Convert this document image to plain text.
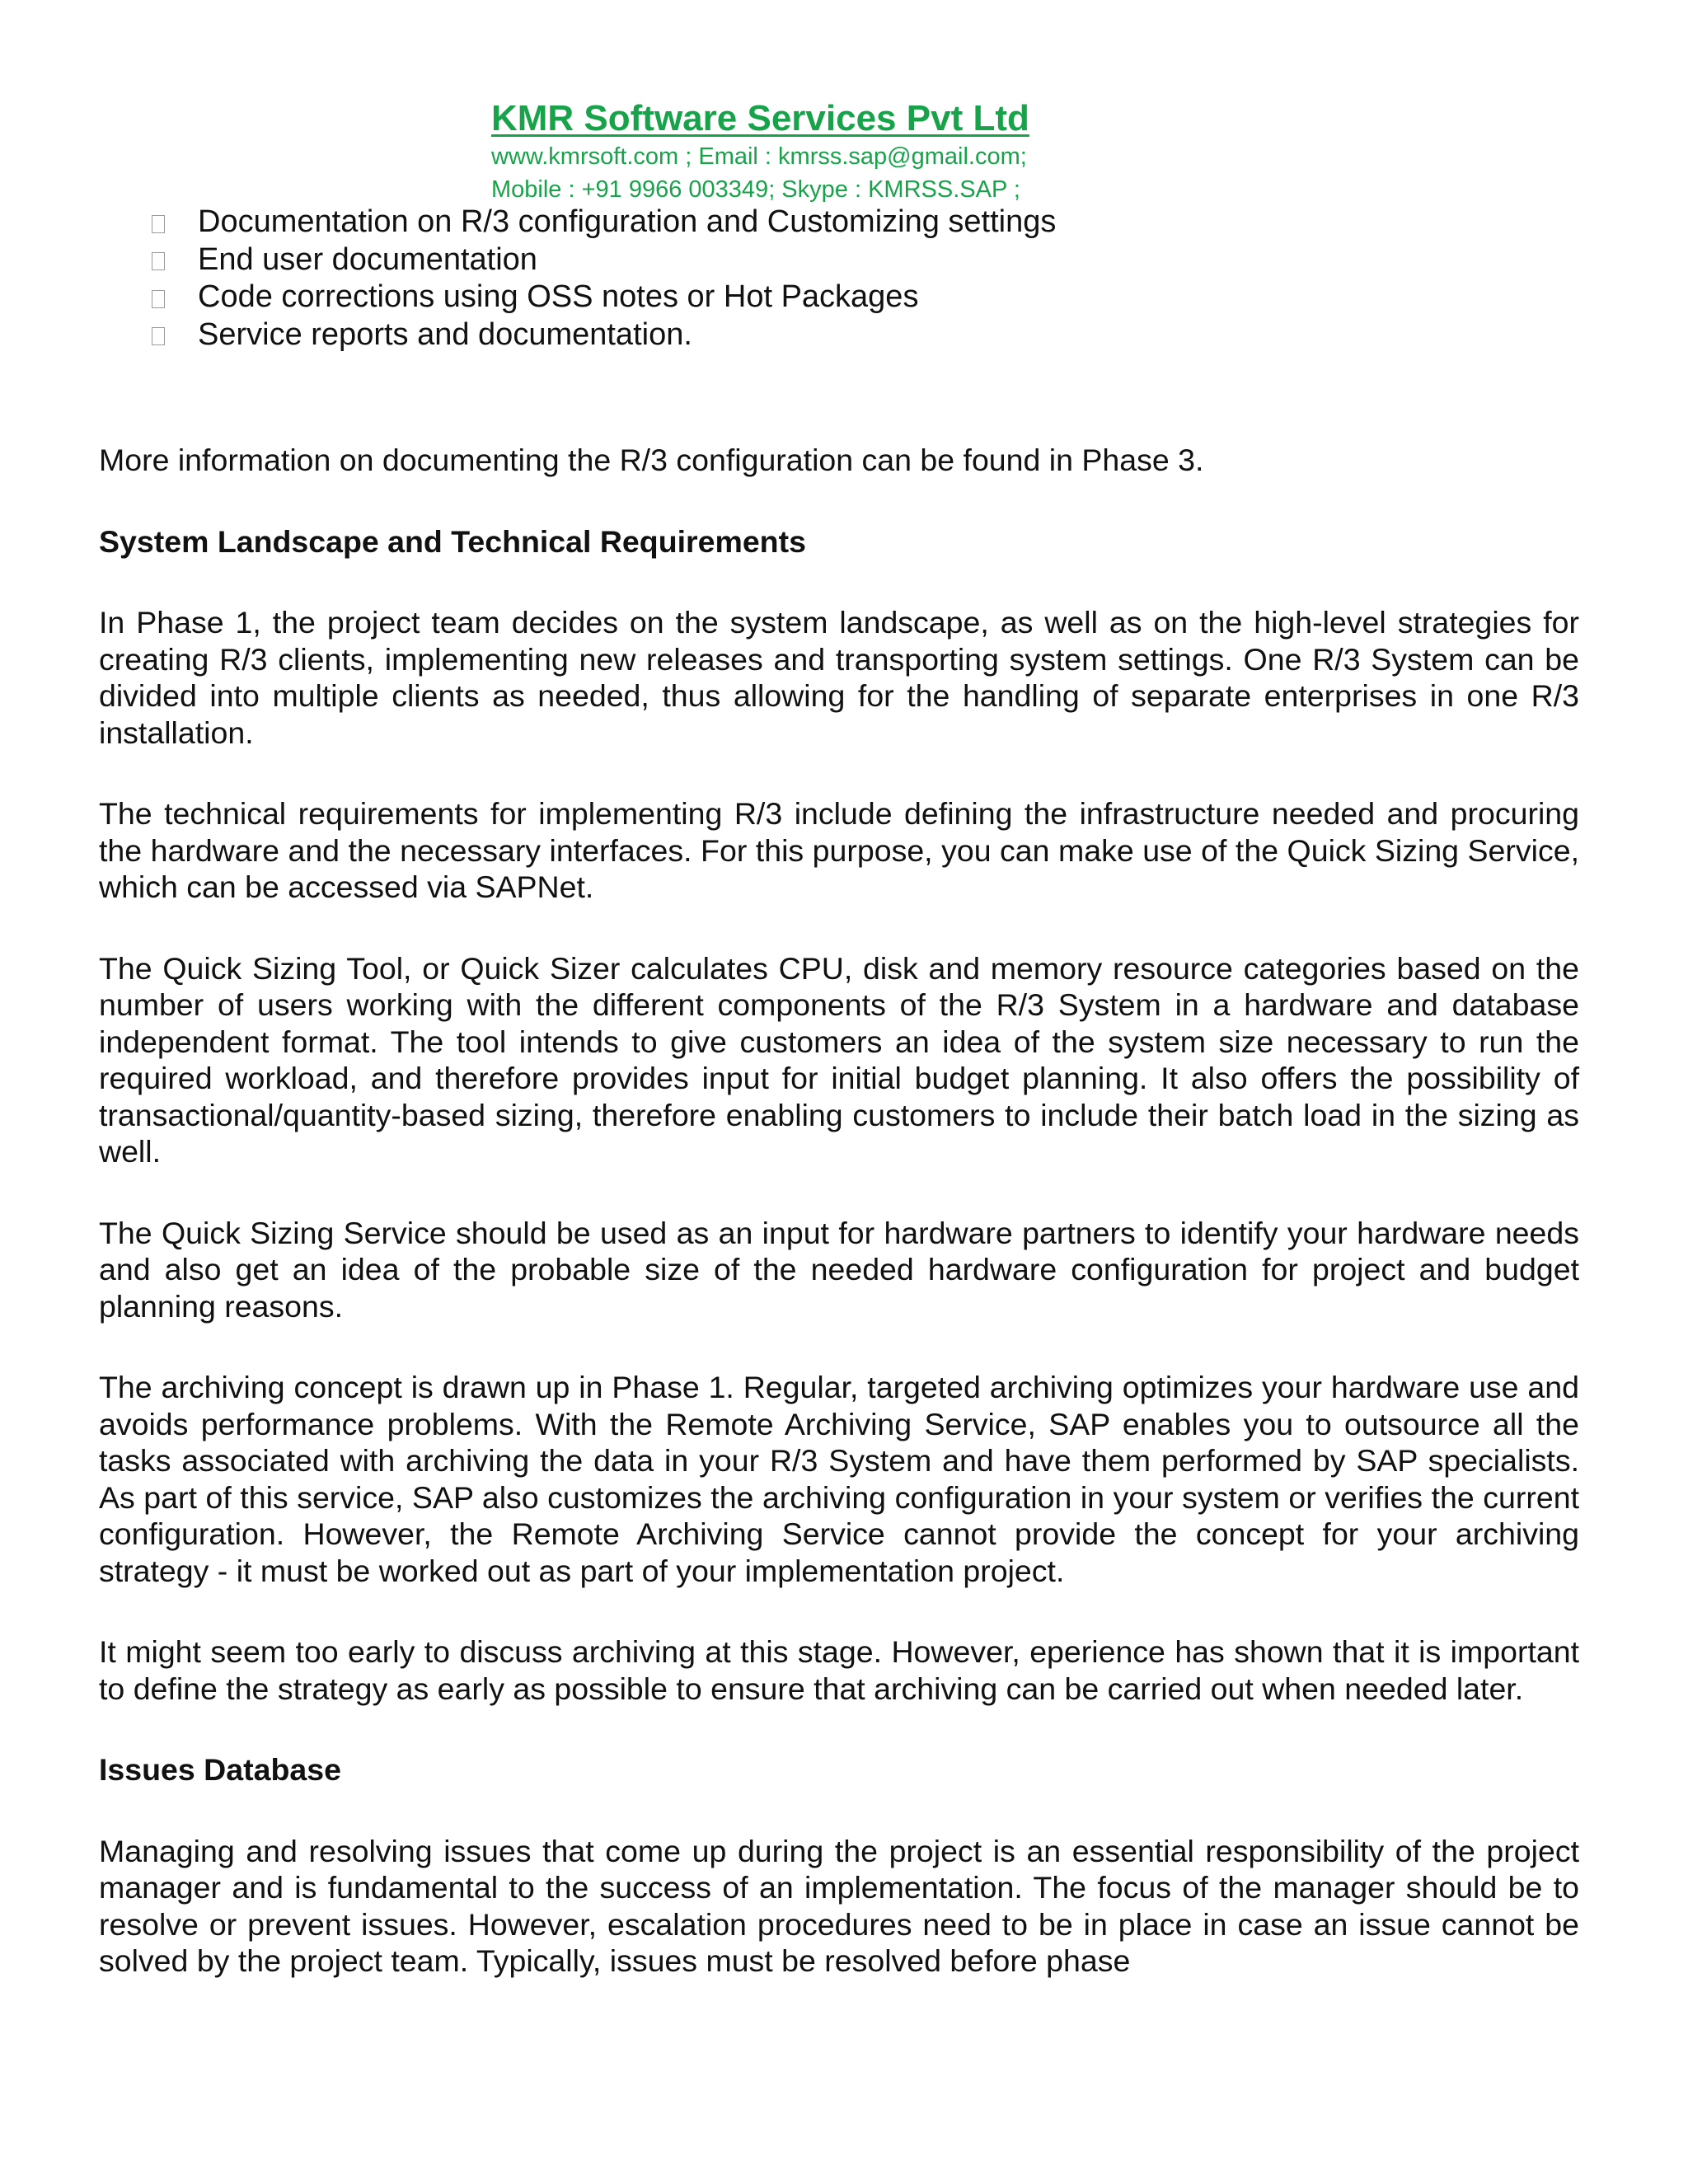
KMR Software Services Pvt Ltd
www.kmrsoft.com ; Email : kmrss.sap@gmail.com;
Mobile : +91 9966 003349; Skype : KMRSS.SAP ;
Documentation on R/3 configuration and Customizing settings
End user documentation
Code corrections using OSS notes or Hot Packages
Service reports and documentation.

More information on documenting the R/3 configuration can be found in Phase 3.

System Landscape and Technical Requirements

In Phase 1, the project team decides on the system landscape, as well as on the high-level strategies for creating R/3 clients, implementing new releases and transporting system settings. One R/3 System can be divided into multiple clients as needed, thus allowing for the handling of separate enterprises in one R/3 installation.

The technical requirements for implementing R/3 include defining the infrastructure needed and procuring the hardware and the necessary interfaces. For this purpose, you can make use of the Quick Sizing Service, which can be accessed via SAPNet.

The Quick Sizing Tool, or Quick Sizer calculates CPU, disk and memory resource categories based on the number of users working with the different components of the R/3 System in a hardware and database independent format. The tool intends to give customers an idea of the system size necessary to run the required workload, and therefore provides input for initial budget planning. It also offers the possibility of transactional/quantity-based sizing, therefore enabling customers to include their batch load in the sizing as well.

The Quick Sizing Service should be used as an input for hardware partners to identify your hardware needs and also get an idea of the probable size of the needed hardware configuration for project and budget planning reasons.

The archiving concept is drawn up in Phase 1. Regular, targeted archiving optimizes your hardware use and avoids performance problems. With the Remote Archiving Service, SAP enables you to outsource all the tasks associated with archiving the data in your R/3 System and have them performed by SAP specialists. As part of this service, SAP also customizes the archiving configuration in your system or verifies the current configuration. However, the Remote Archiving Service cannot provide the concept for your archiving strategy - it must be worked out as part of your implementation project.

It might seem too early to discuss archiving at this stage. However, eperience has shown that it is important to define the strategy as early as possible to ensure that archiving can be carried out when needed later.

Issues Database

Managing and resolving issues that come up during the project is an essential responsibility of the project manager and is fundamental to the success of an implementation. The focus of the manager should be to resolve or prevent issues. However, escalation procedures need to be in place in case an issue cannot be solved by the project team. Typically, issues must be resolved before phase
